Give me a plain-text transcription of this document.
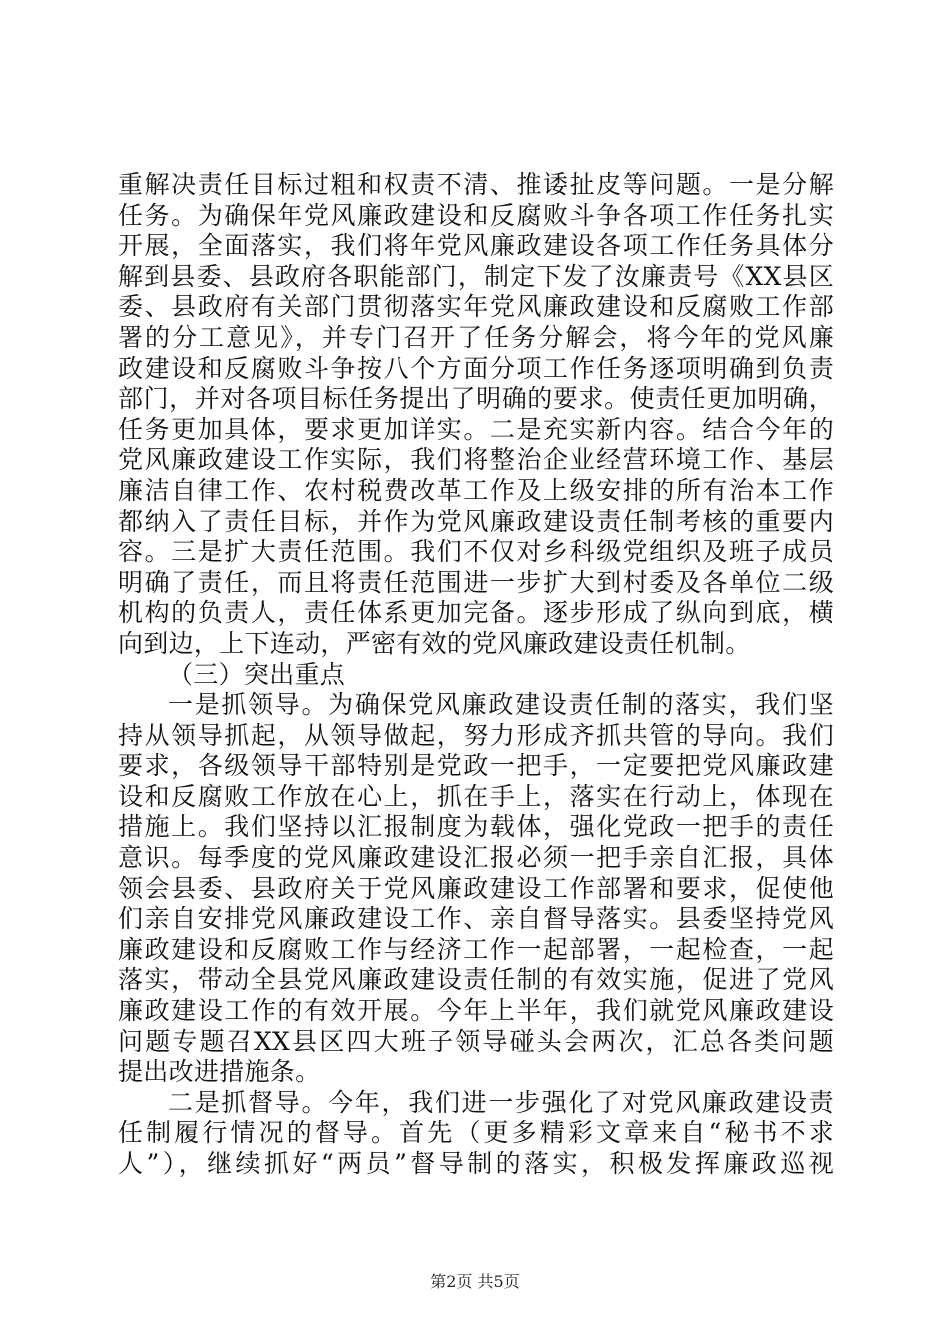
重解决责任目标过粗和权责不清、推诿扯皮等问题。一是分解
任务。为确保年党风廉政建设和反腐败斗争各项工作任务扎实
开展，全面落实，我们将年党风廉政建设各项工作任务具体分
解到县委、县政府各职能部门，制定下发了汝廉责号《XX县区
委、县政府有关部门贯彻落实年党风廉政建设和反腐败工作部
署的分工意见》，并专门召开了任务分解会，将今年的党风廉
政建设和反腐败斗争按八个方面分项工作任务逐项明确到负责
部门，并对各项目标任务提出了明确的要求。使责任更加明确，
任务更加具体，要求更加详实。二是充实新内容。结合今年的
党风廉政建设工作实际，我们将整治企业经营环境工作、基层
廉洁自律工作、农村税费改革工作及上级安排的所有治本工作
都纳入了责任目标，并作为党风廉政建设责任制考核的重要内
容。三是扩大责任范围。我们不仅对乡科级党组织及班子成员
明确了责任，而且将责任范围进一步扩大到村委及各单位二级
机构的负责人，责任体系更加完备。逐步形成了纵向到底，横
向到边，上下连动，严密有效的党风廉政建设责任机制。
（三）突出重点
一是抓领导。为确保党风廉政建设责任制的落实，我们坚
持从领导抓起，从领导做起，努力形成齐抓共管的导向。我们
要求，各级领导干部特别是党政一把手，一定要把党风廉政建
设和反腐败工作放在心上，抓在手上，落实在行动上，体现在
措施上。我们坚持以汇报制度为载体，强化党政一把手的责任
意识。每季度的党风廉政建设汇报必须一把手亲自汇报，具体
领会县委、县政府关于党风廉政建设工作部署和要求，促使他
们亲自安排党风廉政建设工作、亲自督导落实。县委坚持党风
廉政建设和反腐败工作与经济工作一起部署，一起检查，一起
落实，带动全县党风廉政建设责任制的有效实施，促进了党风
廉政建设工作的有效开展。今年上半年，我们就党风廉政建设
问题专题召XX县区四大班子领导碰头会两次，汇总各类问题
提出改进措施条。
二是抓督导。今年，我们进一步强化了对党风廉政建设责
任制履行情况的督导。首先（更多精彩文章来自“秘书不求
人”），继续抓好“两员”督导制的落实，积极发挥廉政巡视
第2页 共5页
